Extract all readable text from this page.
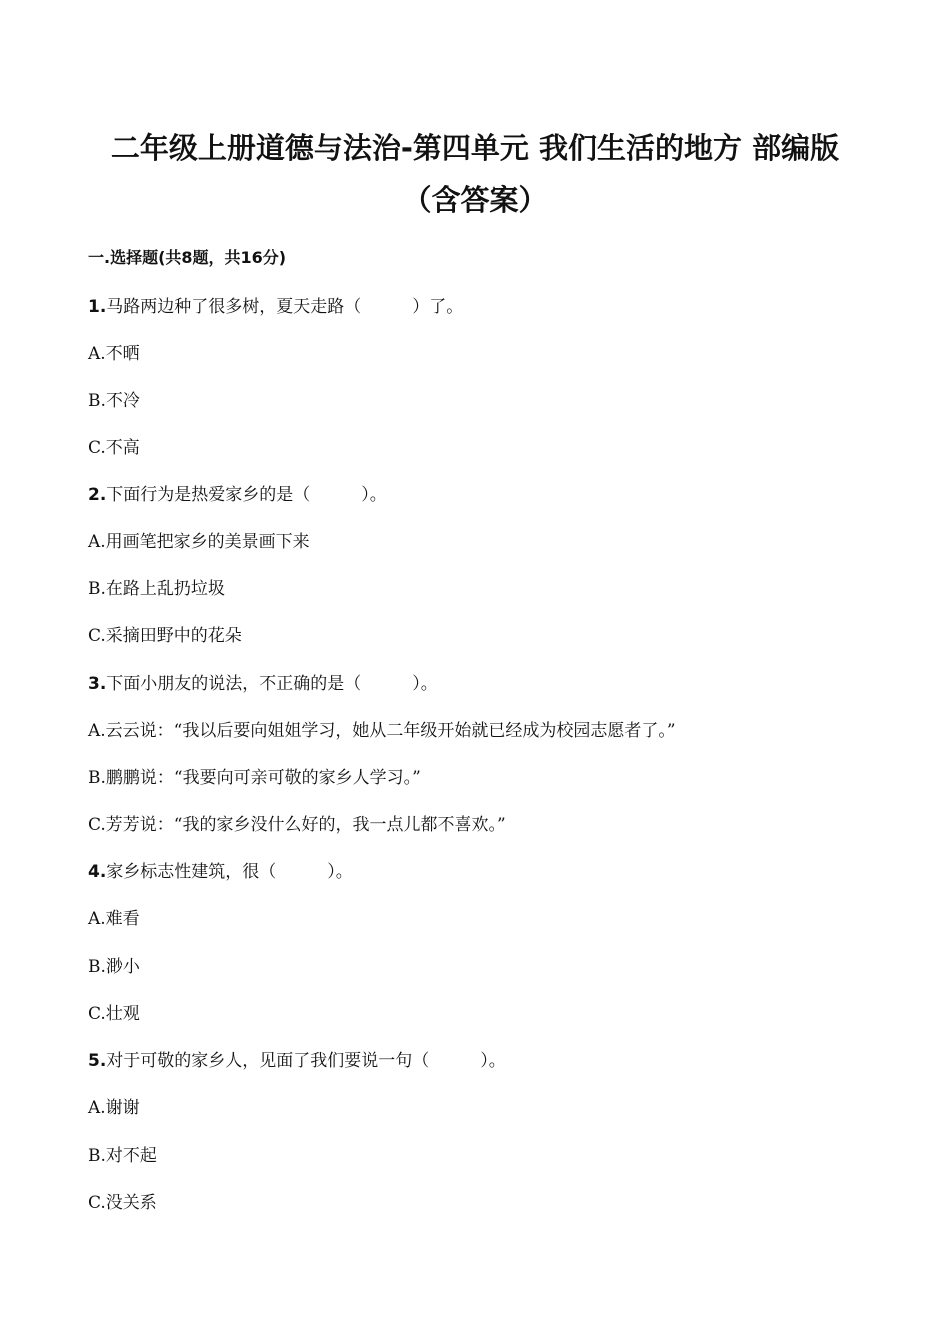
二年级上册道德与法治-第四单元 我们生活的地方 部编版
（含答案）
一.选择题(共8题，共16分)
1.马路两边种了很多树，夏天走路（　　　）了。
A.不晒
B.不冷
C.不高
2.下面行为是热爱家乡的是（　　　）。
A.用画笔把家乡的美景画下来
B.在路上乱扔垃圾
C.采摘田野中的花朵
3.下面小朋友的说法，不正确的是（　　　）。
A.云云说：“我以后要向姐姐学习，她从二年级开始就已经成为校园志愿者了。”
B.鹏鹏说：“我要向可亲可敬的家乡人学习。”
C.芳芳说：“我的家乡没什么好的，我一点儿都不喜欢。”
4.家乡标志性建筑，很（　　　）。
A.难看
B.渺小
C.壮观
5.对于可敬的家乡人，见面了我们要说一句（　　　）。
A.谢谢
B.对不起
C.没关系
